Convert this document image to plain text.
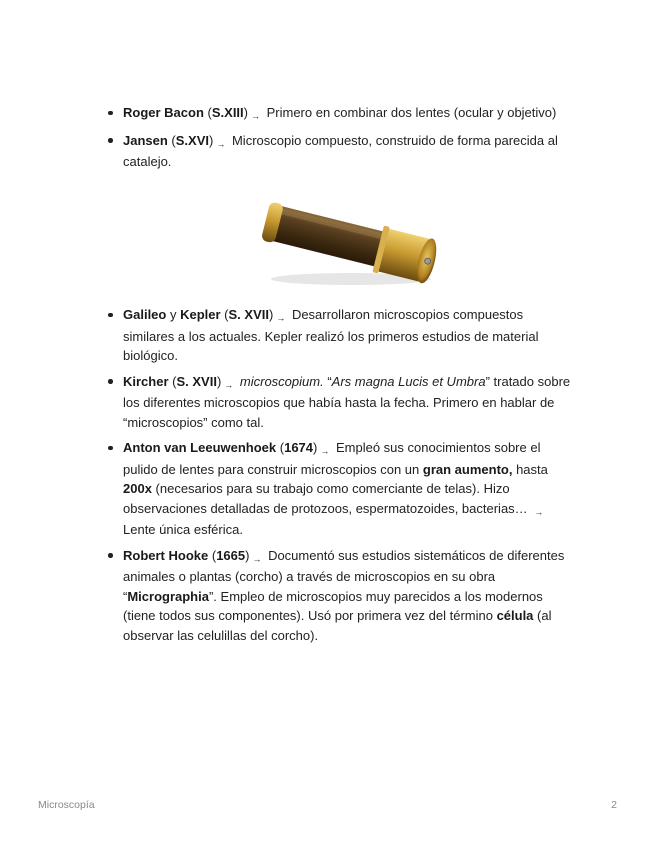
Roger Bacon (S.XIII) → Primero en combinar dos lentes (ocular y objetivo)
Jansen (S.XVI) → Microscopio compuesto, construido de forma parecida al catalejo.
Galileo y Kepler (S. XVII) → Desarrollaron microscopios compuestos similares a los actuales. Kepler realizó los primeros estudios de material biológico.
Kircher (S. XVII) → microscopium. “Ars magna Lucis et Umbra” tratado sobre los diferentes microscopios que había hasta la fecha. Primero en hablar de “microscopios” como tal.
Anton van Leeuwenhoek (1674) → Empleó sus conocimientos sobre el pulido de lentes para construir microscopios con un gran aumento, hasta 200x (necesarios para su trabajo como comerciante de telas). Hizo observaciones detalladas de protozoos, espermatozoides, bacterias… → Lente única esférica.
Robert Hooke (1665) → Documentó sus estudios sistemáticos de diferentes animales o plantas (corcho) a través de microscopios en su obra “Micrographia”. Empleo de microscopios muy parecidos a los modernos (tiene todos sus componentes). Usó por primera vez del término célula (al observar las celulillas del corcho).
Microscopía	2
